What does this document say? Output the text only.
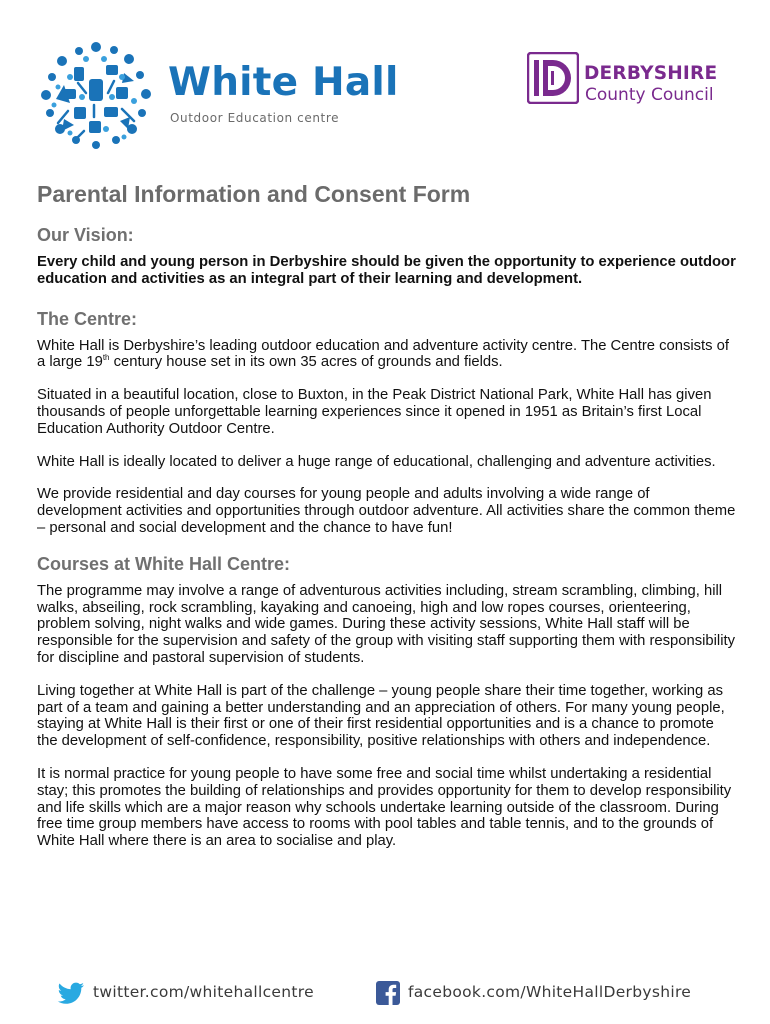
White Hall
Outdoor Education centre
DERBYSHIRE
County Council
Parental Information and Consent Form
Our Vision:

Every child and young person in Derbyshire should be given the opportunity to experience outdoor education and activities as an integral part of their learning and development.

The Centre:

White Hall is Derbyshire’s leading outdoor education and adventure activity centre. The Centre consists of a large 19th century house set in its own 35 acres of grounds and fields.

Situated in a beautiful location, close to Buxton, in the Peak District National Park, White Hall has given thousands of people unforgettable learning experiences since it opened in 1951 as Britain’s first Local Education Authority Outdoor Centre.

White Hall is ideally located to deliver a huge range of educational, challenging and adventure activities.

We provide residential and day courses for young people and adults involving a wide range of development activities and opportunities through outdoor adventure. All activities share the common theme – personal and social development and the chance to have fun!

Courses at White Hall Centre:

The programme may involve a range of adventurous activities including, stream scrambling, climbing, hill walks, abseiling, rock scrambling, kayaking and canoeing, high and low ropes courses, orienteering, problem solving, night walks and wide games. During these activity sessions, White Hall staff will be responsible for the supervision and safety of the group with visiting staff supporting them with responsibility for discipline and pastoral supervision of students.

Living together at White Hall is part of the challenge – young people share their time together, working as part of a team and gaining a better understanding and an appreciation of others. For many young people, staying at White Hall is their first or one of their first residential opportunities and is a chance to promote the development of self-confidence, responsibility, positive relationships with others and independence.

It is normal practice for young people to have some free and social time whilst undertaking a residential stay; this promotes the building of relationships and provides opportunity for them to develop responsibility and life skills which are a major reason why schools undertake learning outside of the classroom. During free time group members have access to rooms with pool tables and table tennis, and to the grounds of White Hall where there is an area to socialise and play.

twitter.com/whitehallcentre	facebook.com/WhiteHallDerbyshire
